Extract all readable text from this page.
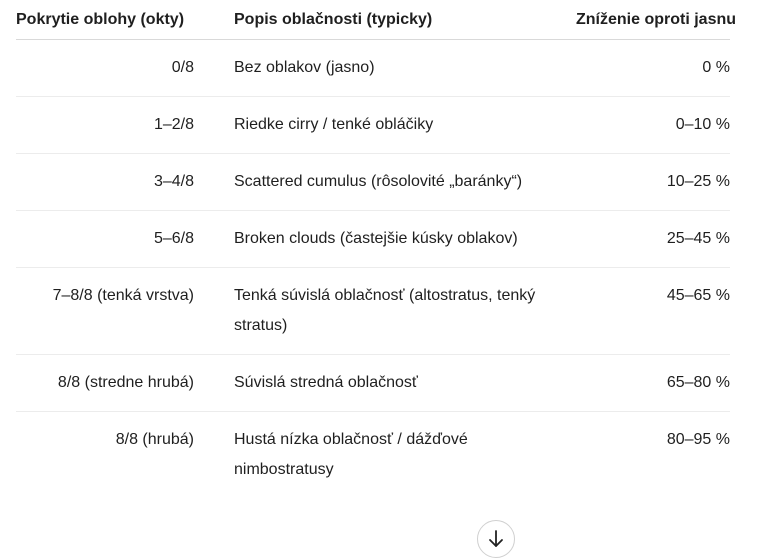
Pokrytie oblohy (okty)	Popis oblačnosti (typicky)	Zníženie oproti jasnu
0/8	Bez oblakov (jasno)	0 %
1–2/8	Riedke cirry / tenké obláčiky	0–10 %
3–4/8	Scattered cumulus (rôsolovité „baránky“)	10–25 %
5–6/8	Broken clouds (častejšie kúsky oblakov)	25–45 %
7–8/8 (tenká vrstva)	Tenká súvislá oblačnosť (altostratus, tenký stratus)	45–65 %
8/8 (stredne hrubá)	Súvislá stredná oblačnosť	65–80 %
8/8 (hrubá)	Hustá nízka oblačnosť / dážďové nimbostratusy	80–95 %
